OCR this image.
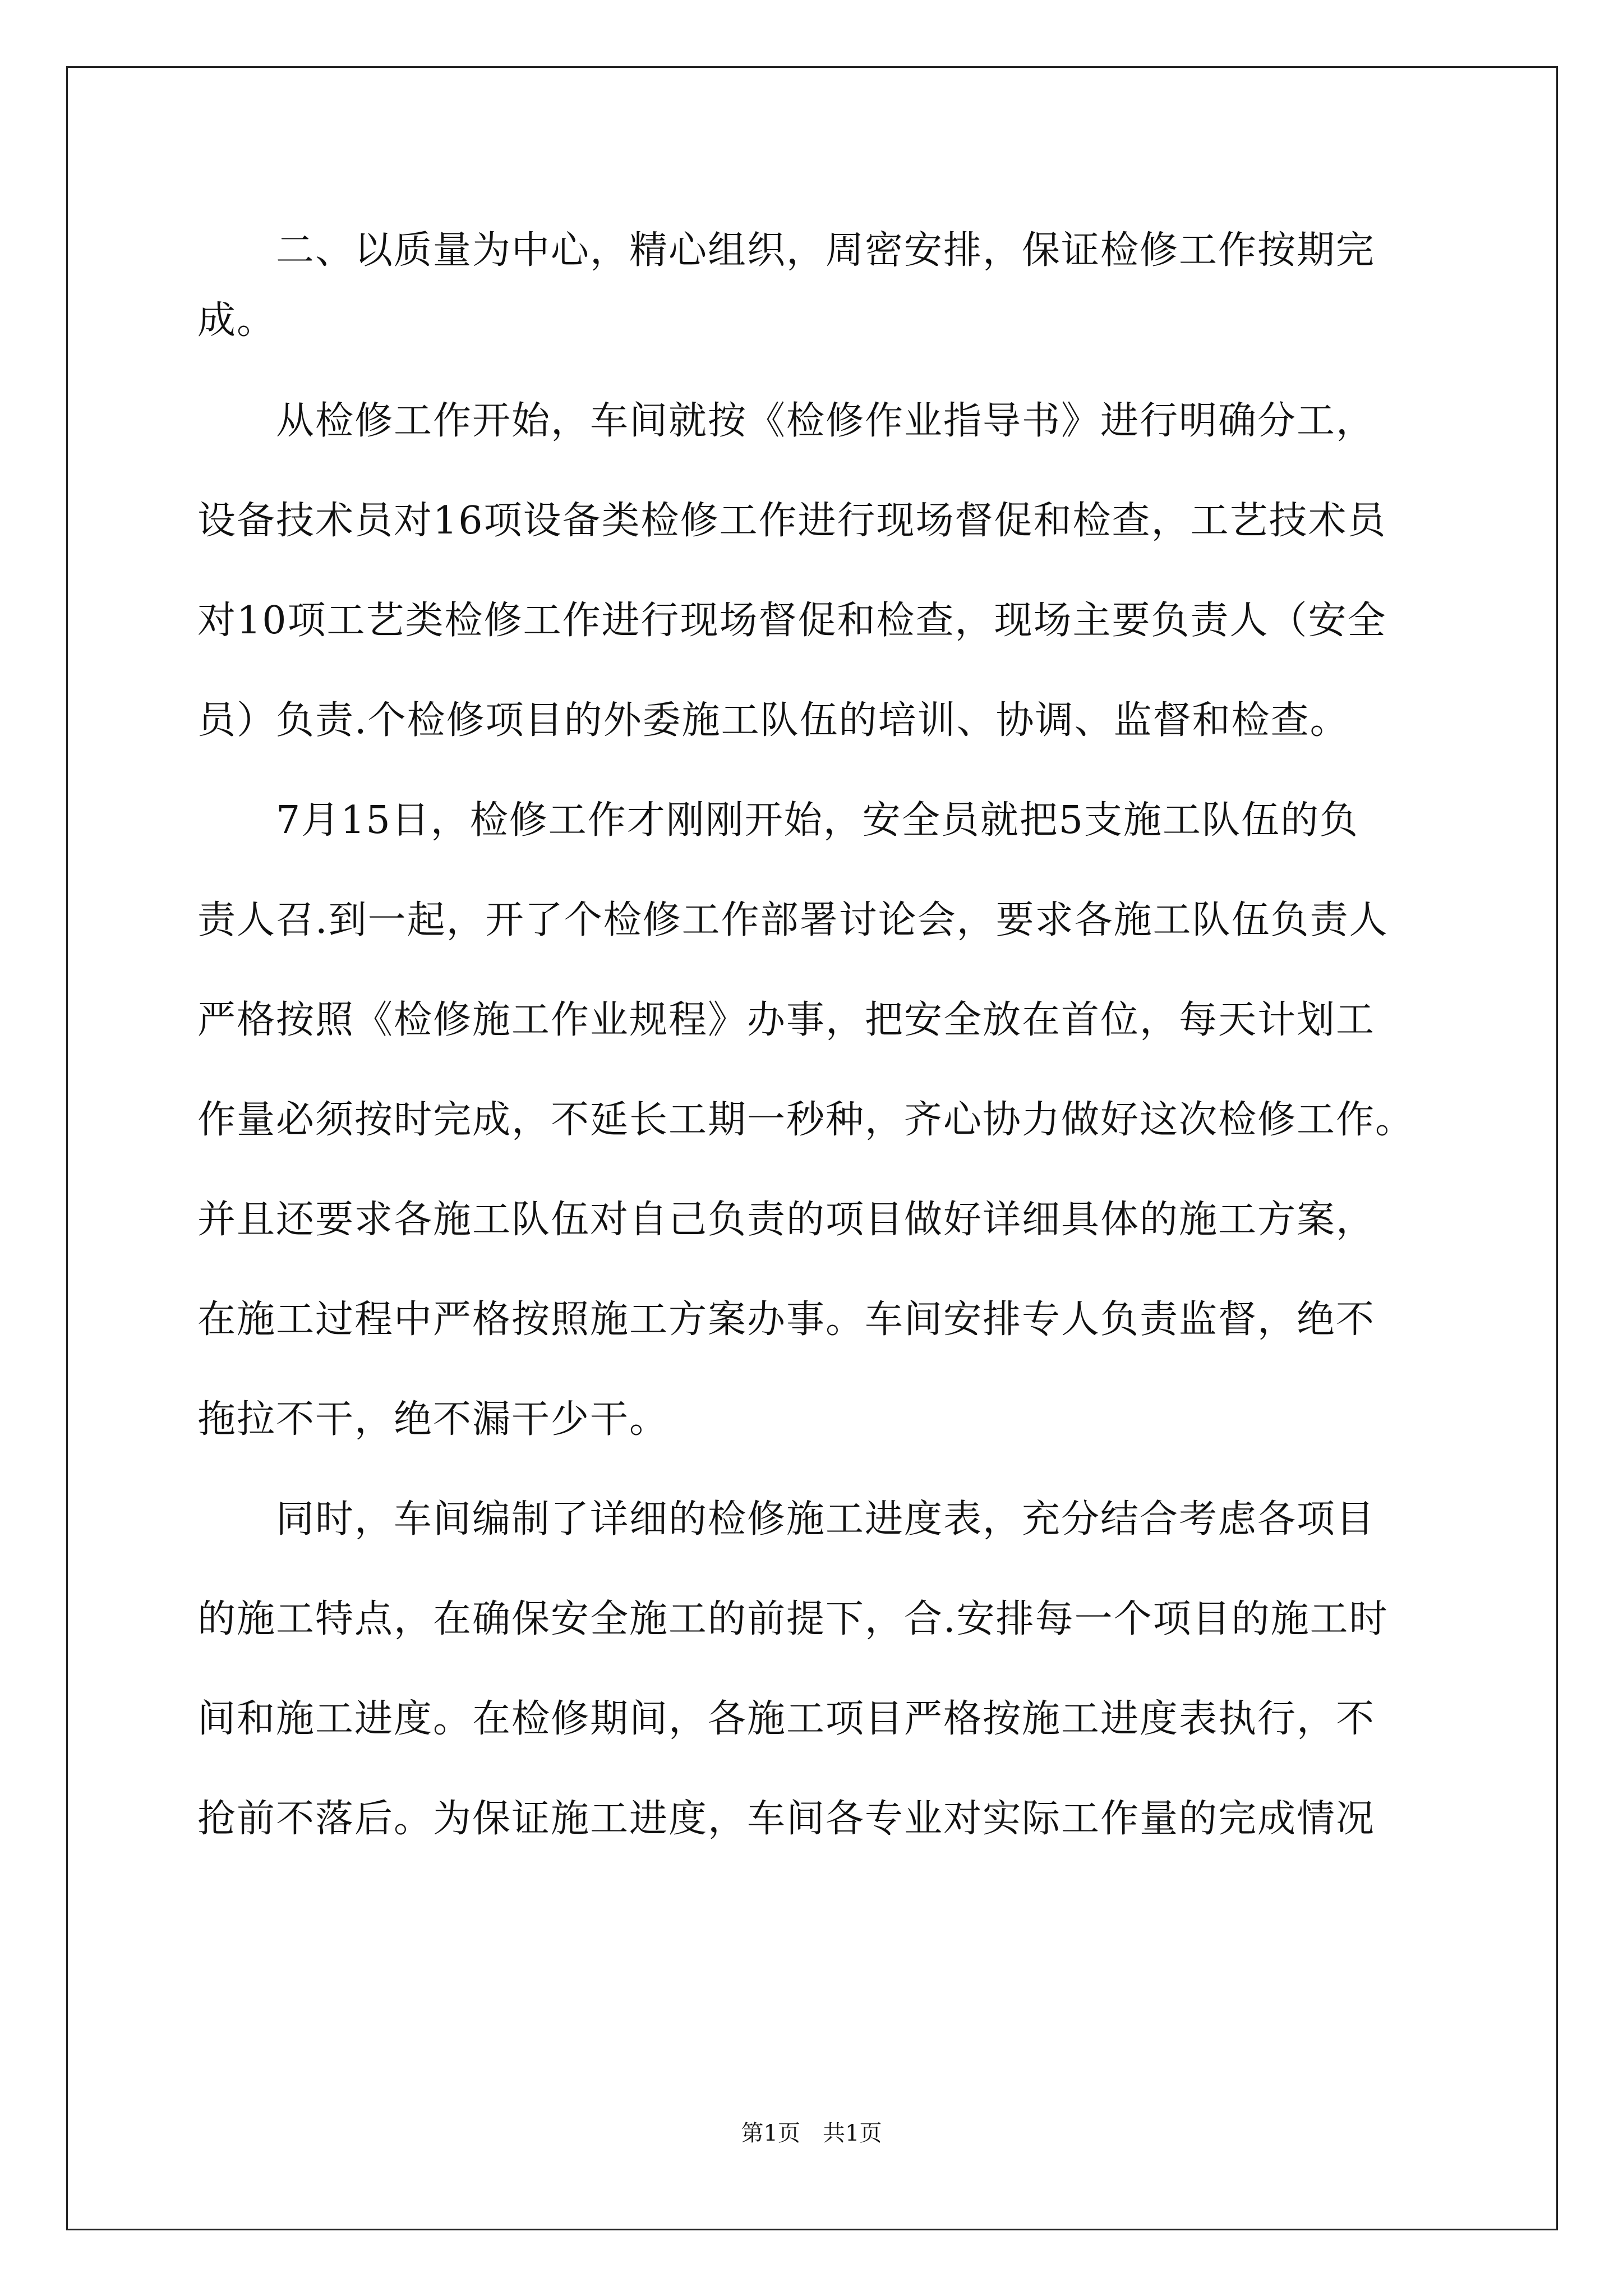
　　二、以质量为中心，精心组织，周密安排，保证检修工作按期完
成。
　　从检修工作开始，车间就按《检修作业指导书》进行明确分工，
设备技术员对16项设备类检修工作进行现场督促和检查，工艺技术员
对10项工艺类检修工作进行现场督促和检查，现场主要负责人（安全
员）负责.个检修项目的外委施工队伍的培训、协调、监督和检查。
　　7月15日，检修工作才刚刚开始，安全员就把5支施工队伍的负
责人召.到一起，开了个检修工作部署讨论会，要求各施工队伍负责人
严格按照《检修施工作业规程》办事，把安全放在首位，每天计划工
作量必须按时完成，不延长工期一秒种，齐心协力做好这次检修工作。
并且还要求各施工队伍对自己负责的项目做好详细具体的施工方案，
在施工过程中严格按照施工方案办事。车间安排专人负责监督，绝不
拖拉不干，绝不漏干少干。
　　同时，车间编制了详细的检修施工进度表，充分结合考虑各项目
的施工特点，在确保安全施工的前提下，合.安排每一个项目的施工时
间和施工进度。在检修期间，各施工项目严格按施工进度表执行，不
抢前不落后。为保证施工进度，车间各专业对实际工作量的完成情况
第1页 共1页
